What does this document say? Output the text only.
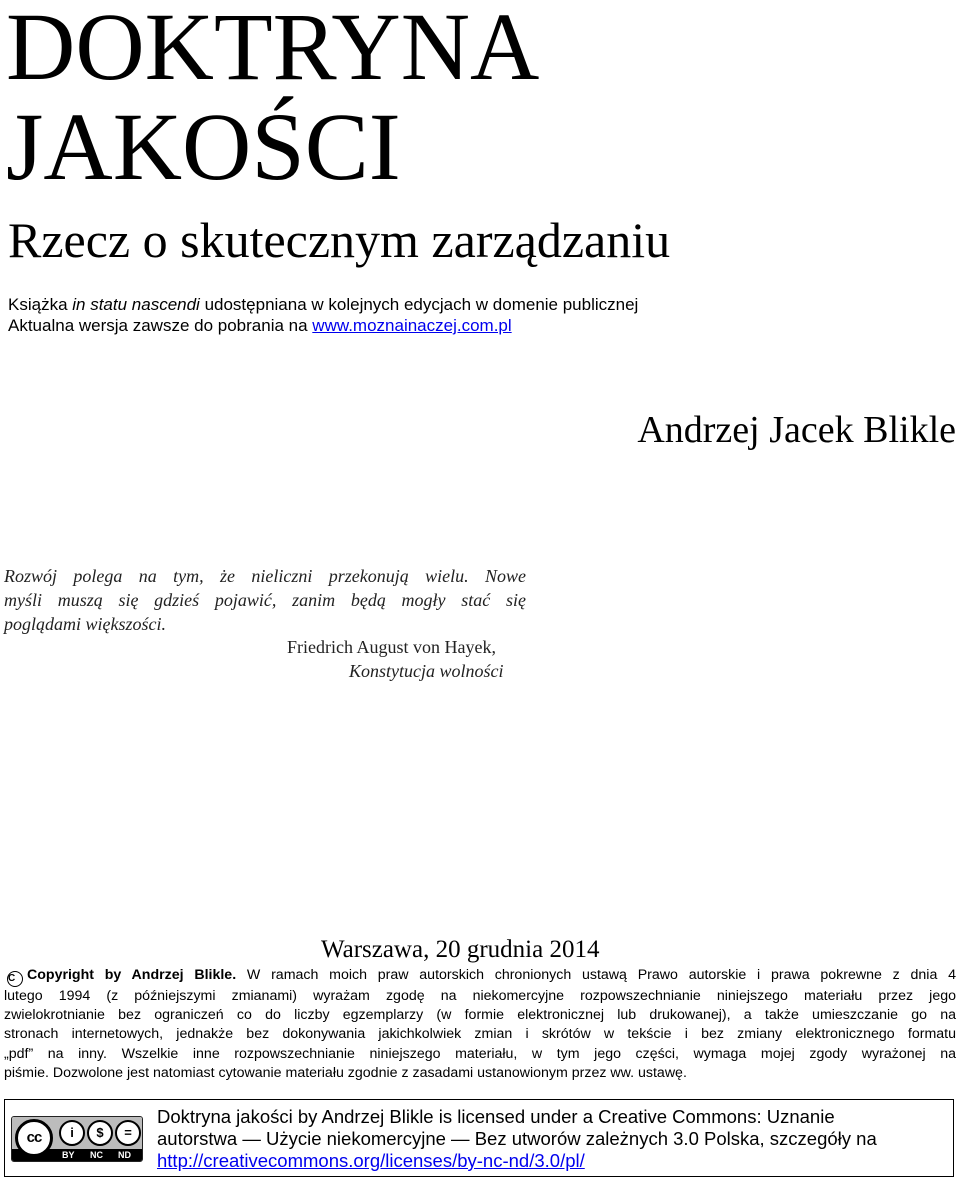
DOKTRYNA
JAKOŚCI
Rzecz o skutecznym zarządzaniu
Książka in statu nascendi udostępniana w kolejnych edycjach w domenie publicznej
Aktualna wersja zawsze do pobrania na www.moznainaczej.com.pl
Andrzej Jacek Blikle
Rozwój polega na tym, że nieliczni przekonują wielu. Nowe
myśli muszą się gdzieś pojawić, zanim będą mogły stać się
poglądami większości.
Friedrich August von Hayek,
Konstytucja wolności
Warszawa, 20 grudnia 2014
C Copyright by Andrzej Blikle. W ramach moich praw autorskich chronionych ustawą Prawo autorskie i prawa pokrewne z dnia 4
lutego 1994 (z późniejszymi zmianami) wyrażam zgodę na niekomercyjne rozpowszechnianie niniejszego materiału przez jego
zwielokrotnianie bez ograniczeń co do liczby egzemplarzy (w formie elektronicznej lub drukowanej), a także umieszczanie go na
stronach internetowych, jednakże bez dokonywania jakichkolwiek zmian i skrótów w tekście i bez zmiany elektronicznego formatu
„pdf” na inny. Wszelkie inne rozpowszechnianie niniejszego materiału, w tym jego części, wymaga mojej zgody wyrażonej na
piśmie. Dozwolone jest natomiast cytowanie materiału zgodnie z zasadami ustanowionym przez ww. ustawę.
cc	i	$	=
BY NC ND
Doktryna jakości by Andrzej Blikle is licensed under a Creative Commons: Uznanie
autorstwa — Użycie niekomercyjne — Bez utworów zależnych 3.0 Polska, szczegóły na
http://creativecommons.org/licenses/by-nc-nd/3.0/pl/
